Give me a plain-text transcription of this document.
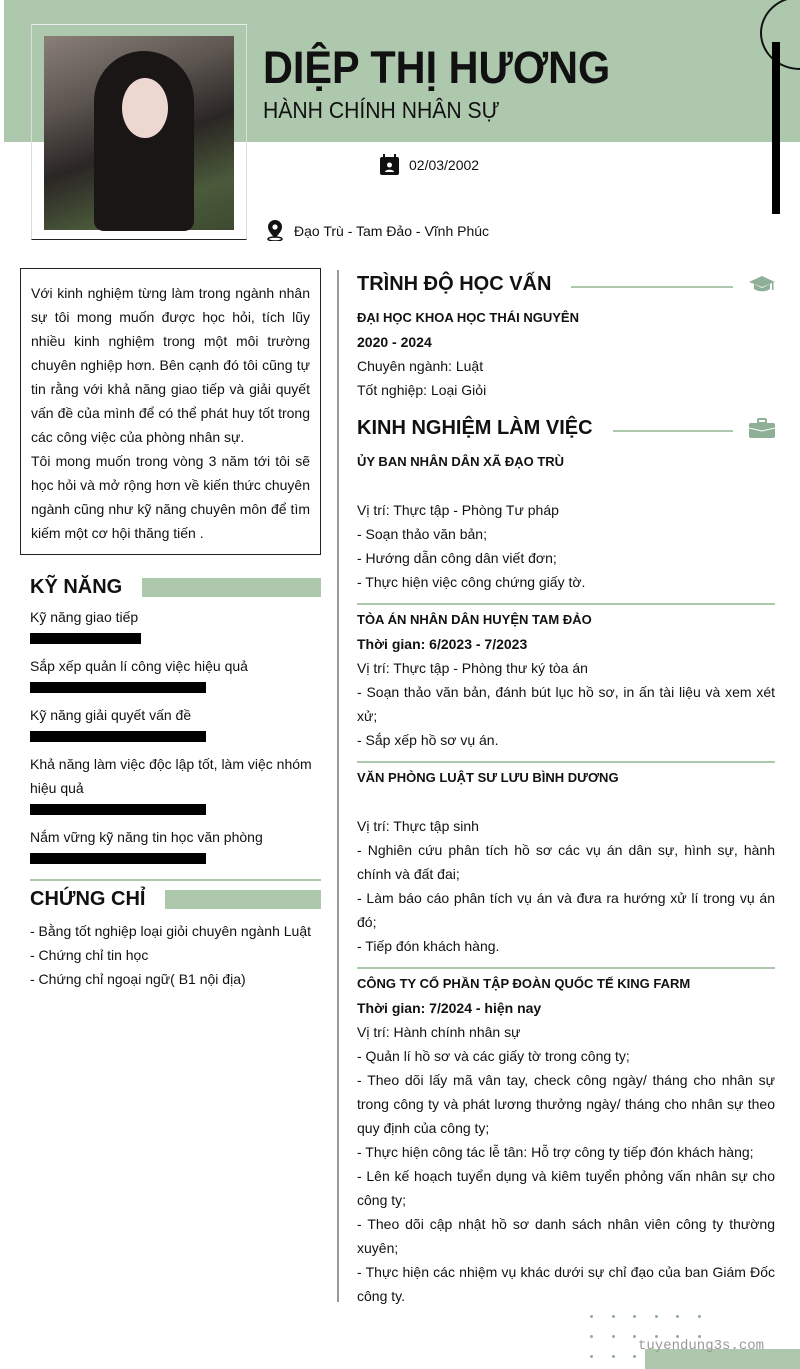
DIỆP THỊ HƯƠNG
HÀNH CHÍNH NHÂN SỰ
02/03/2002
Đạo Trù - Tam Đảo - Vĩnh Phúc

Với kinh nghiệm từng làm trong ngành nhân sự tôi mong muốn được học hỏi, tích lũy nhiều kinh nghiệm trong một môi trường chuyên nghiệp hơn. Bên cạnh đó tôi cũng tự tin rằng với khả năng giao tiếp và giải quyết vấn đề của mình để có thể phát huy tốt trong các công việc của phòng nhân sự.

Tôi mong muốn trong vòng 3 năm tới tôi sẽ học hỏi và mở rộng hơn về kiến thức chuyên ngành cũng như kỹ năng chuyên môn để tìm kiếm một cơ hội thăng tiến .

KỸ NĂNG
Kỹ năng giao tiếp
Sắp xếp quản lí công việc hiệu quả
Kỹ năng giải quyết vấn đề
Khả năng làm việc độc lập tốt, làm việc nhóm hiệu quả
Nắm vững kỹ năng tin học văn phòng
CHỨNG CHỈ
- Bằng tốt nghiệp loại giỏi chuyên ngành Luật
- Chứng chỉ tin học
- Chứng chỉ ngoại ngữ( B1 nội địa)
TRÌNH ĐỘ HỌC VẤN
ĐẠI HỌC KHOA HỌC THÁI NGUYÊN
2020 - 2024
Chuyên ngành: Luật
Tốt nghiệp: Loại Giỏi
KINH NGHIỆM LÀM VIỆC
ỦY BAN NHÂN DÂN XÃ ĐẠO TRÙ
Vị trí: Thực tập - Phòng Tư pháp
- Soạn thảo văn bản;
- Hướng dẫn công dân viết đơn;
- Thực hiện việc công chứng giấy tờ.
TÒA ÁN NHÂN DÂN HUYỆN TAM ĐẢO
Thời gian: 6/2023 - 7/2023
Vị trí: Thực tập - Phòng thư ký tòa án
- Soạn thảo văn bản, đánh bút lục hồ sơ, in ấn tài liệu và xem xét xử;
- Sắp xếp hồ sơ vụ án.
VĂN PHÒNG LUẬT SƯ LƯU BÌNH DƯƠNG
Vị trí: Thực tập sinh
- Nghiên cứu phân tích hồ sơ các vụ án dân sự, hình sự, hành chính và đất đai;
- Làm báo cáo phân tích vụ án và đưa ra hướng xử lí trong vụ án đó;
- Tiếp đón khách hàng.
CÔNG TY CỔ PHẦN TẬP ĐOÀN QUỐC TẾ KING FARM
Thời gian: 7/2024 - hiện nay
Vị trí: Hành chính nhân sự
- Quản lí hồ sơ và các giấy tờ trong công ty;
- Theo dõi lấy mã vân tay, check công ngày/ tháng cho nhân sự trong công ty và phát lương thưởng ngày/ tháng cho nhân sự theo quy định của công ty;
- Thực hiện công tác lễ tân: Hỗ trợ công ty tiếp đón khách hàng;
- Lên kế hoạch tuyển dụng và kiêm tuyển phỏng vấn nhân sự cho công ty;
- Theo dõi cập nhật hồ sơ danh sách nhân viên công ty thường xuyên;
- Thực hiện các nhiệm vụ khác dưới sự chỉ đạo của ban Giám Đốc công ty.
tuyendung3s.com
